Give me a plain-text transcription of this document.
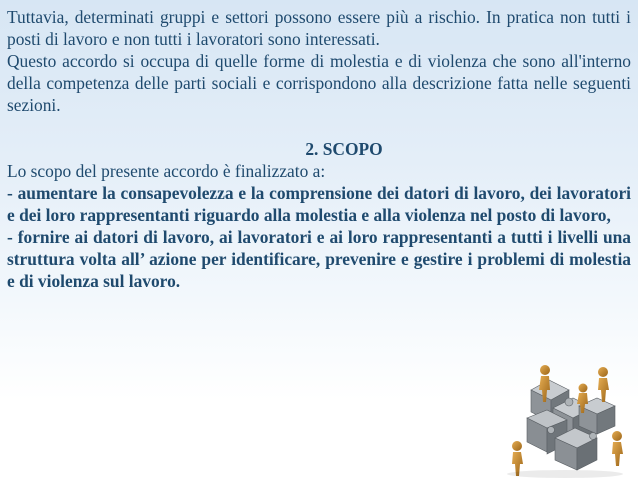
Tuttavia, determinati gruppi e settori possono essere più a rischio. In pratica non tutti i posti di lavoro e non tutti i lavoratori sono interessati.

Questo accordo si occupa di quelle forme di molestia e di violenza che sono all'interno della competenza delle parti sociali e corrispondono alla descrizione fatta nelle seguenti sezioni.

2. SCOPO

Lo scopo del presente accordo è finalizzato a:

- aumentare la consapevolezza e la comprensione dei datori di lavoro, dei lavoratori e dei loro rappresentanti riguardo alla molestia e alla violenza nel posto di lavoro,

- fornire ai datori di lavoro, ai lavoratori e ai loro rappresentanti a tutti i livelli una struttura volta all’ azione per identificare, prevenire e gestire i problemi di molestia e di violenza sul lavoro.
